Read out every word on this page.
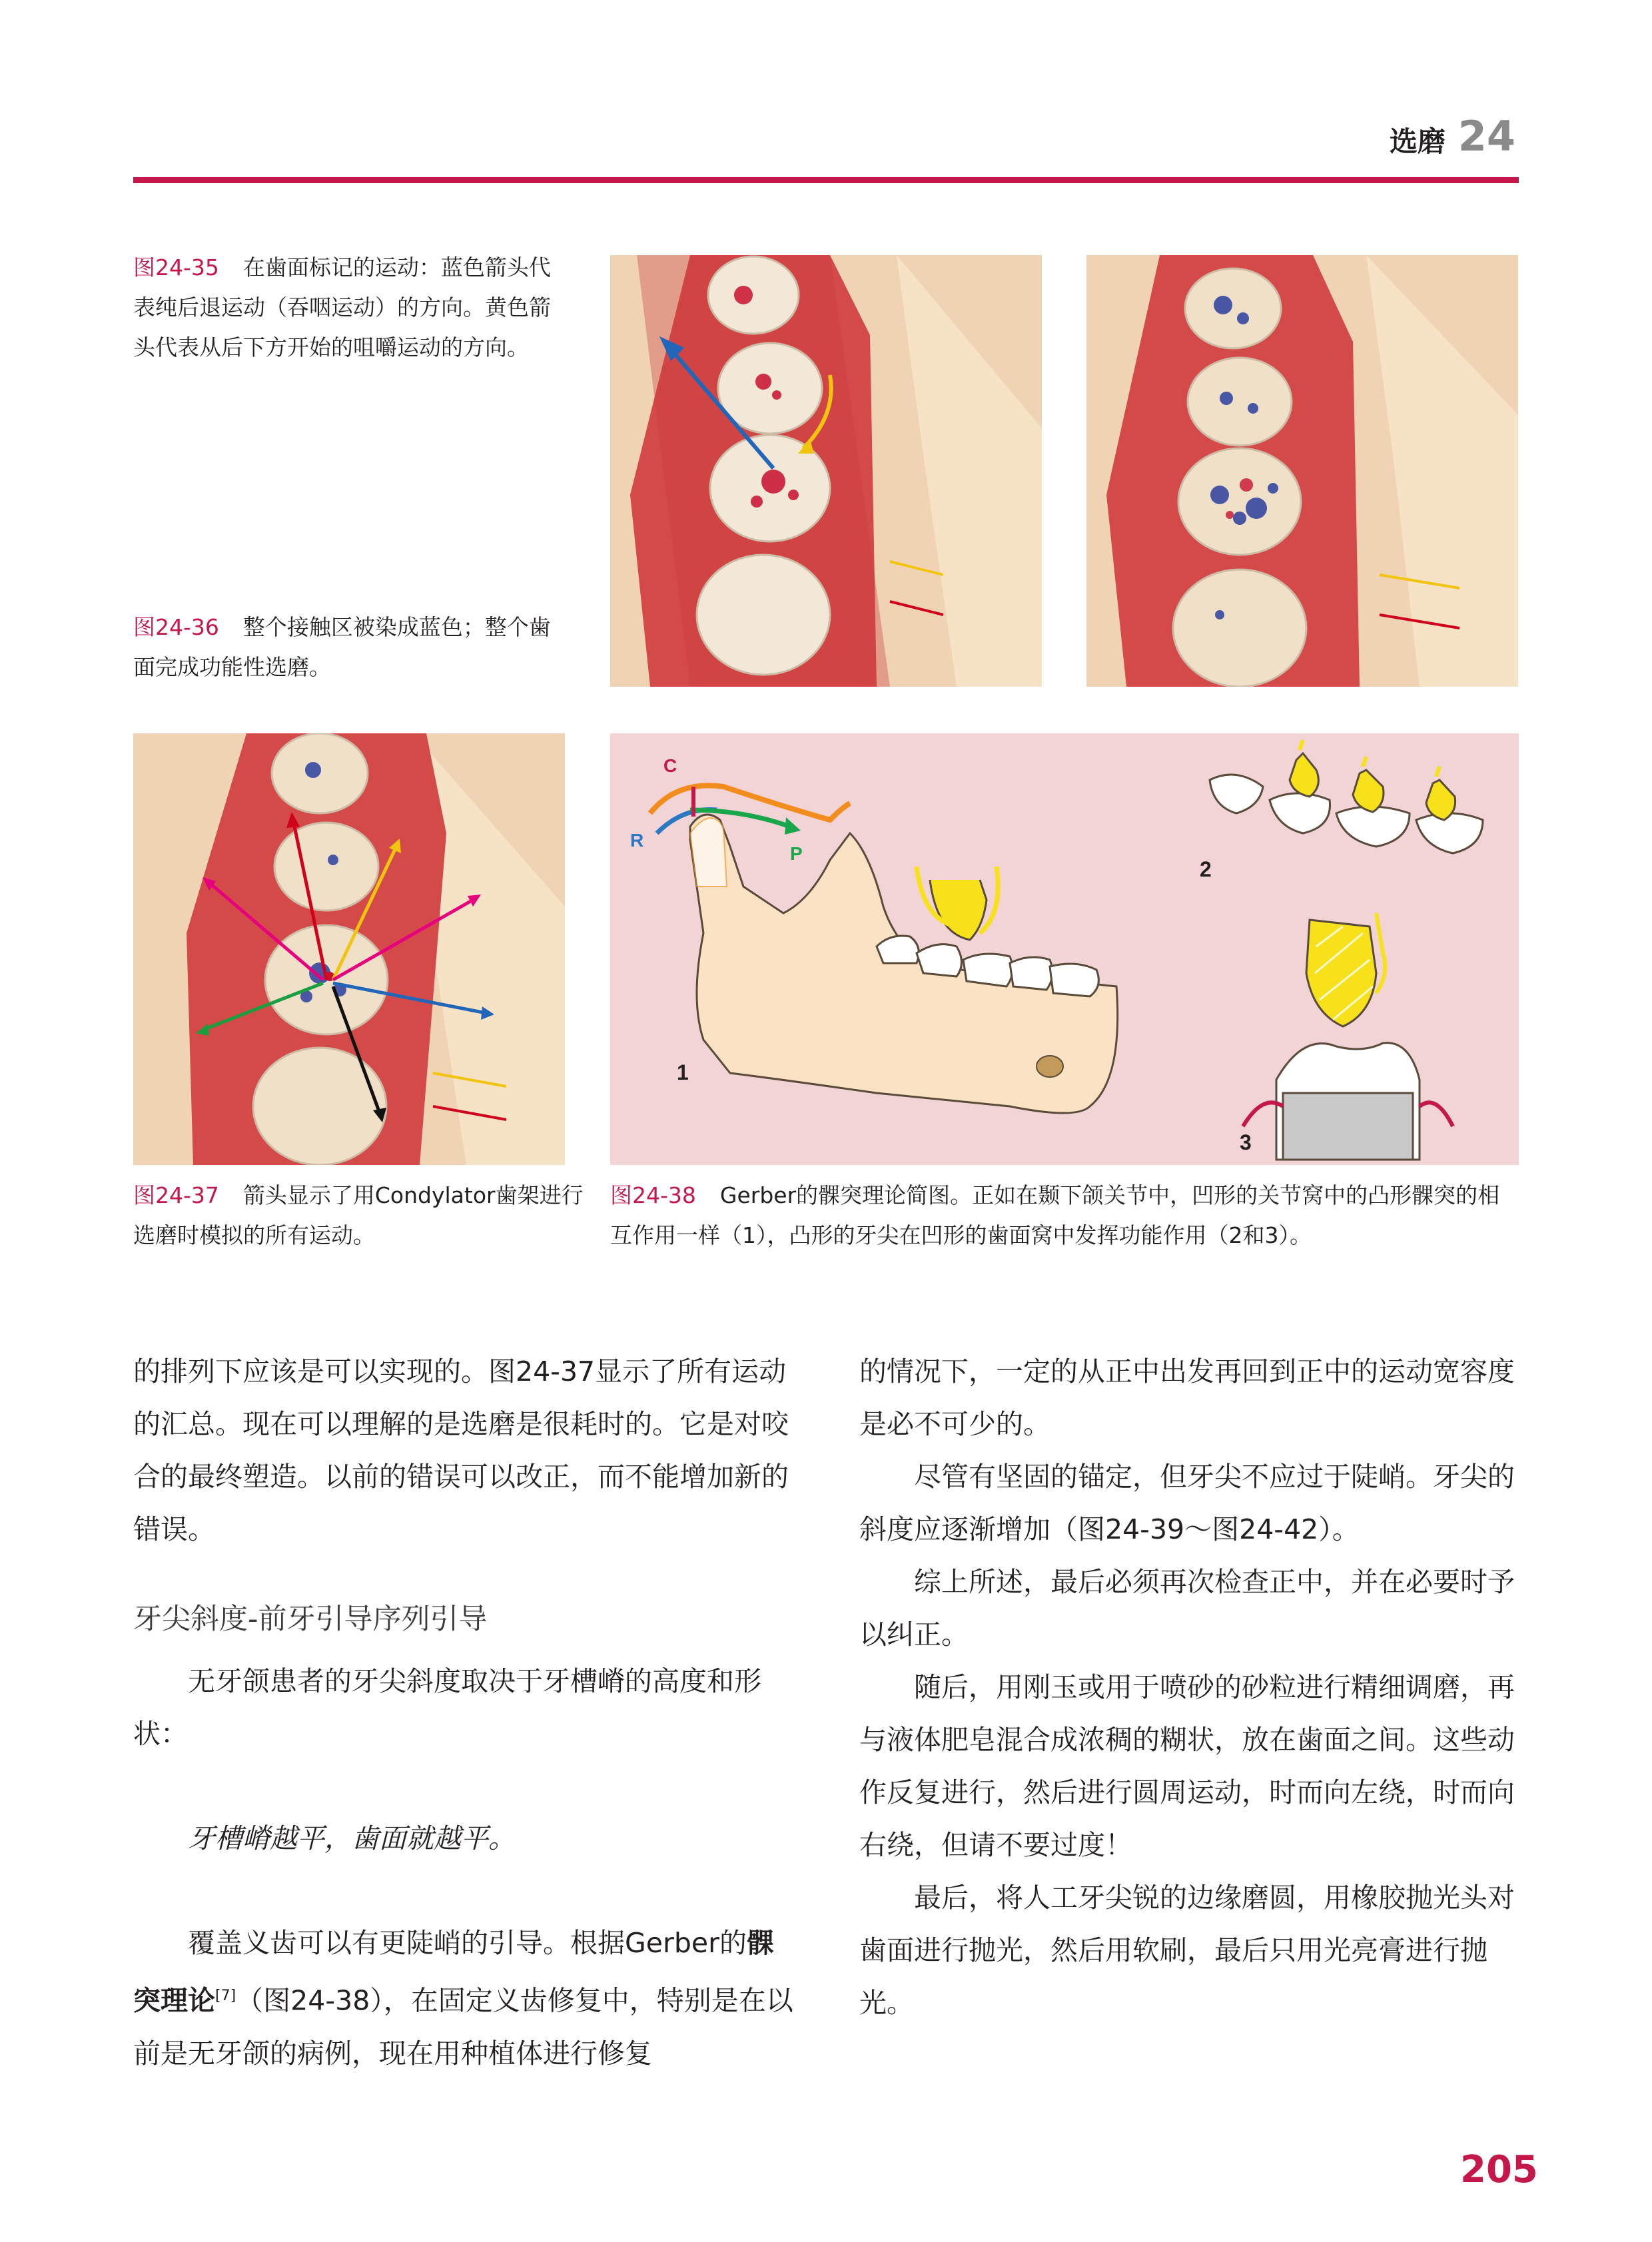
选磨 24
图24-35 在歯面标记的运动：蓝色箭头代表纯后退运动（吞咽运动）的方向。黄色箭头代表从后下方开始的咀嚼运动的方向。
图24-36 整个接触区被染成蓝色；整个歯面完成功能性选磨。
C
R
P
1
2
3
图24-37 箭头显示了用Condylator歯架进行选磨时模拟的所有运动。
图24-38 Gerber的髁突理论简图。正如在颞下颌关节中，凹形的关节窝中的凸形髁突的相互作用一样（1），凸形的牙尖在凹形的歯面窝中发挥功能作用（2和3）。

的排列下应该是可以实现的。图24-37显示了所有运动的汇总。现在可以理解的是选磨是很耗时的。它是对咬合的最终塑造。以前的错误可以改正，而不能增加新的错误。

牙尖斜度-前牙引导序列引导

无牙颌患者的牙尖斜度取决于牙槽嵴的高度和形状：

牙槽嵴越平，歯面就越平。

覆盖义齿可以有更陡峭的引导。根据Gerber的髁突理论[7]（图24-38），在固定义齿修复中，特别是在以前是无牙颌的病例，现在用种植体进行修复

的情况下，一定的从正中出发再回到正中的运动宽容度是必不可少的。

尽管有坚固的锚定，但牙尖不应过于陡峭。牙尖的斜度应逐渐增加（图24-39～图24-42）。

综上所述，最后必须再次检查正中，并在必要时予以纠正。

随后，用刚玉或用于喷砂的砂粒进行精细调磨，再与液体肥皂混合成浓稠的糊状，放在歯面之间。这些动作反复进行，然后进行圆周运动，时而向左绕，时而向右绕，但请不要过度！

最后，将人工牙尖锐的边缘磨圆，用橡胶抛光头对歯面进行抛光，然后用软刷，最后只用光亮膏进行抛光。

205
